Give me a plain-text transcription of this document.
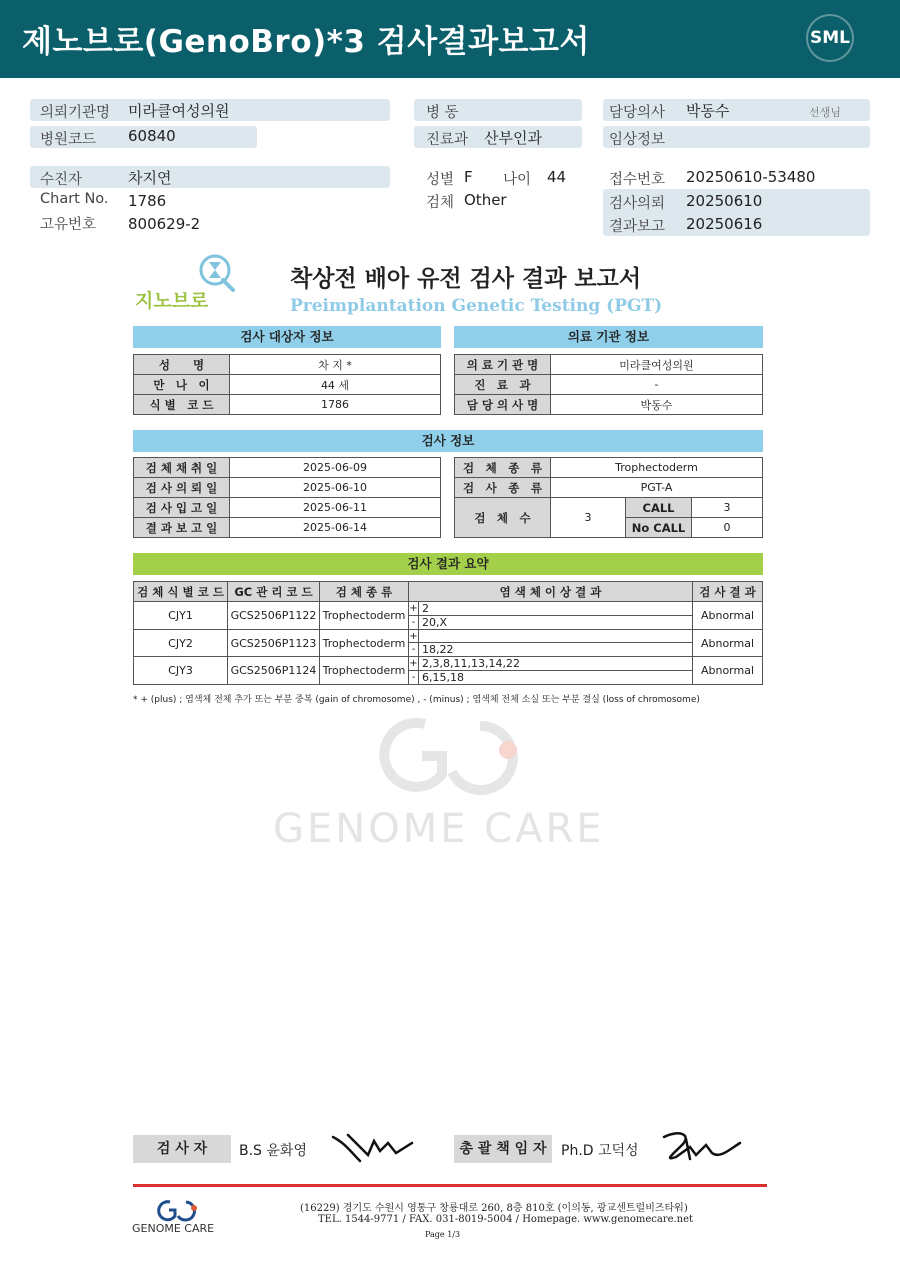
제노브로(GenoBro)*3 검사결과보고서	SML
의뢰기관명 미라클여성의원
병원코드 60840
병 동
진료과 산부인과
담당의사 박동수	선생님
임상정보
수진자	차지연
Chart No. 1786
고유번호 800629-2
성별 F 나이 44
검체 Other
접수번호 20250610-53480
검사의뢰 20250610
결과보고 20250616
지노브로
착상전 배아 유전 검사 결과 보고서
Preimplantation Genetic Testing (PGT)
검사 대상자 정보
성　　명	차 지 *
만　나　이	44 세
식 별　코 드	1786
의료 기관 정보
의 료 기 관 명	미라클여성의원
진　료　과	-
담 당 의 사 명	박동수
검사 정보
검 체 채 취 일	2025-06-09
검 사 의 뢰 일	2025-06-10
검 사 입 고 일	2025-06-11
결 과 보 고 일	2025-06-14
검　체　종　류	Trophectoderm		
검　사　종　류	PGT-A		
검　체　수	3	CALL	3
		No CALL	0
검사 결과 요약
검 체 식 별 코 드	GC 관 리 코 드	검 체 종 류	염 색 체 이 상 결 과		검 사 결 과
CJY1	GCS2506P1122	Trophectoderm	+	2	Abnormal
			-	20,X	
CJY2	GCS2506P1123	Trophectoderm	+		Abnormal
			-	18,22	
CJY3	GCS2506P1124	Trophectoderm	+	2,3,8,11,13,14,22	Abnormal
			-	6,15,18	
* + (plus) ; 염색체 전체 추가 또는 부분 중복 (gain of chromosome) , - (minus) ; 염색체 전체 소실 또는 부분 결실 (loss of chromosome)
GENOME CARE
검 사 자	B.S 윤화영	총 괄 책 임 자	Ph.D 고덕성
GENOME CARE
(16229) 경기도 수원시 영통구 창룡대로 260, 8층 810호 (이의동, 광교센트럴비즈타워)
TEL. 1544-9771 / FAX. 031-8019-5004 / Homepage. www.genomecare.net
Page 1/3
